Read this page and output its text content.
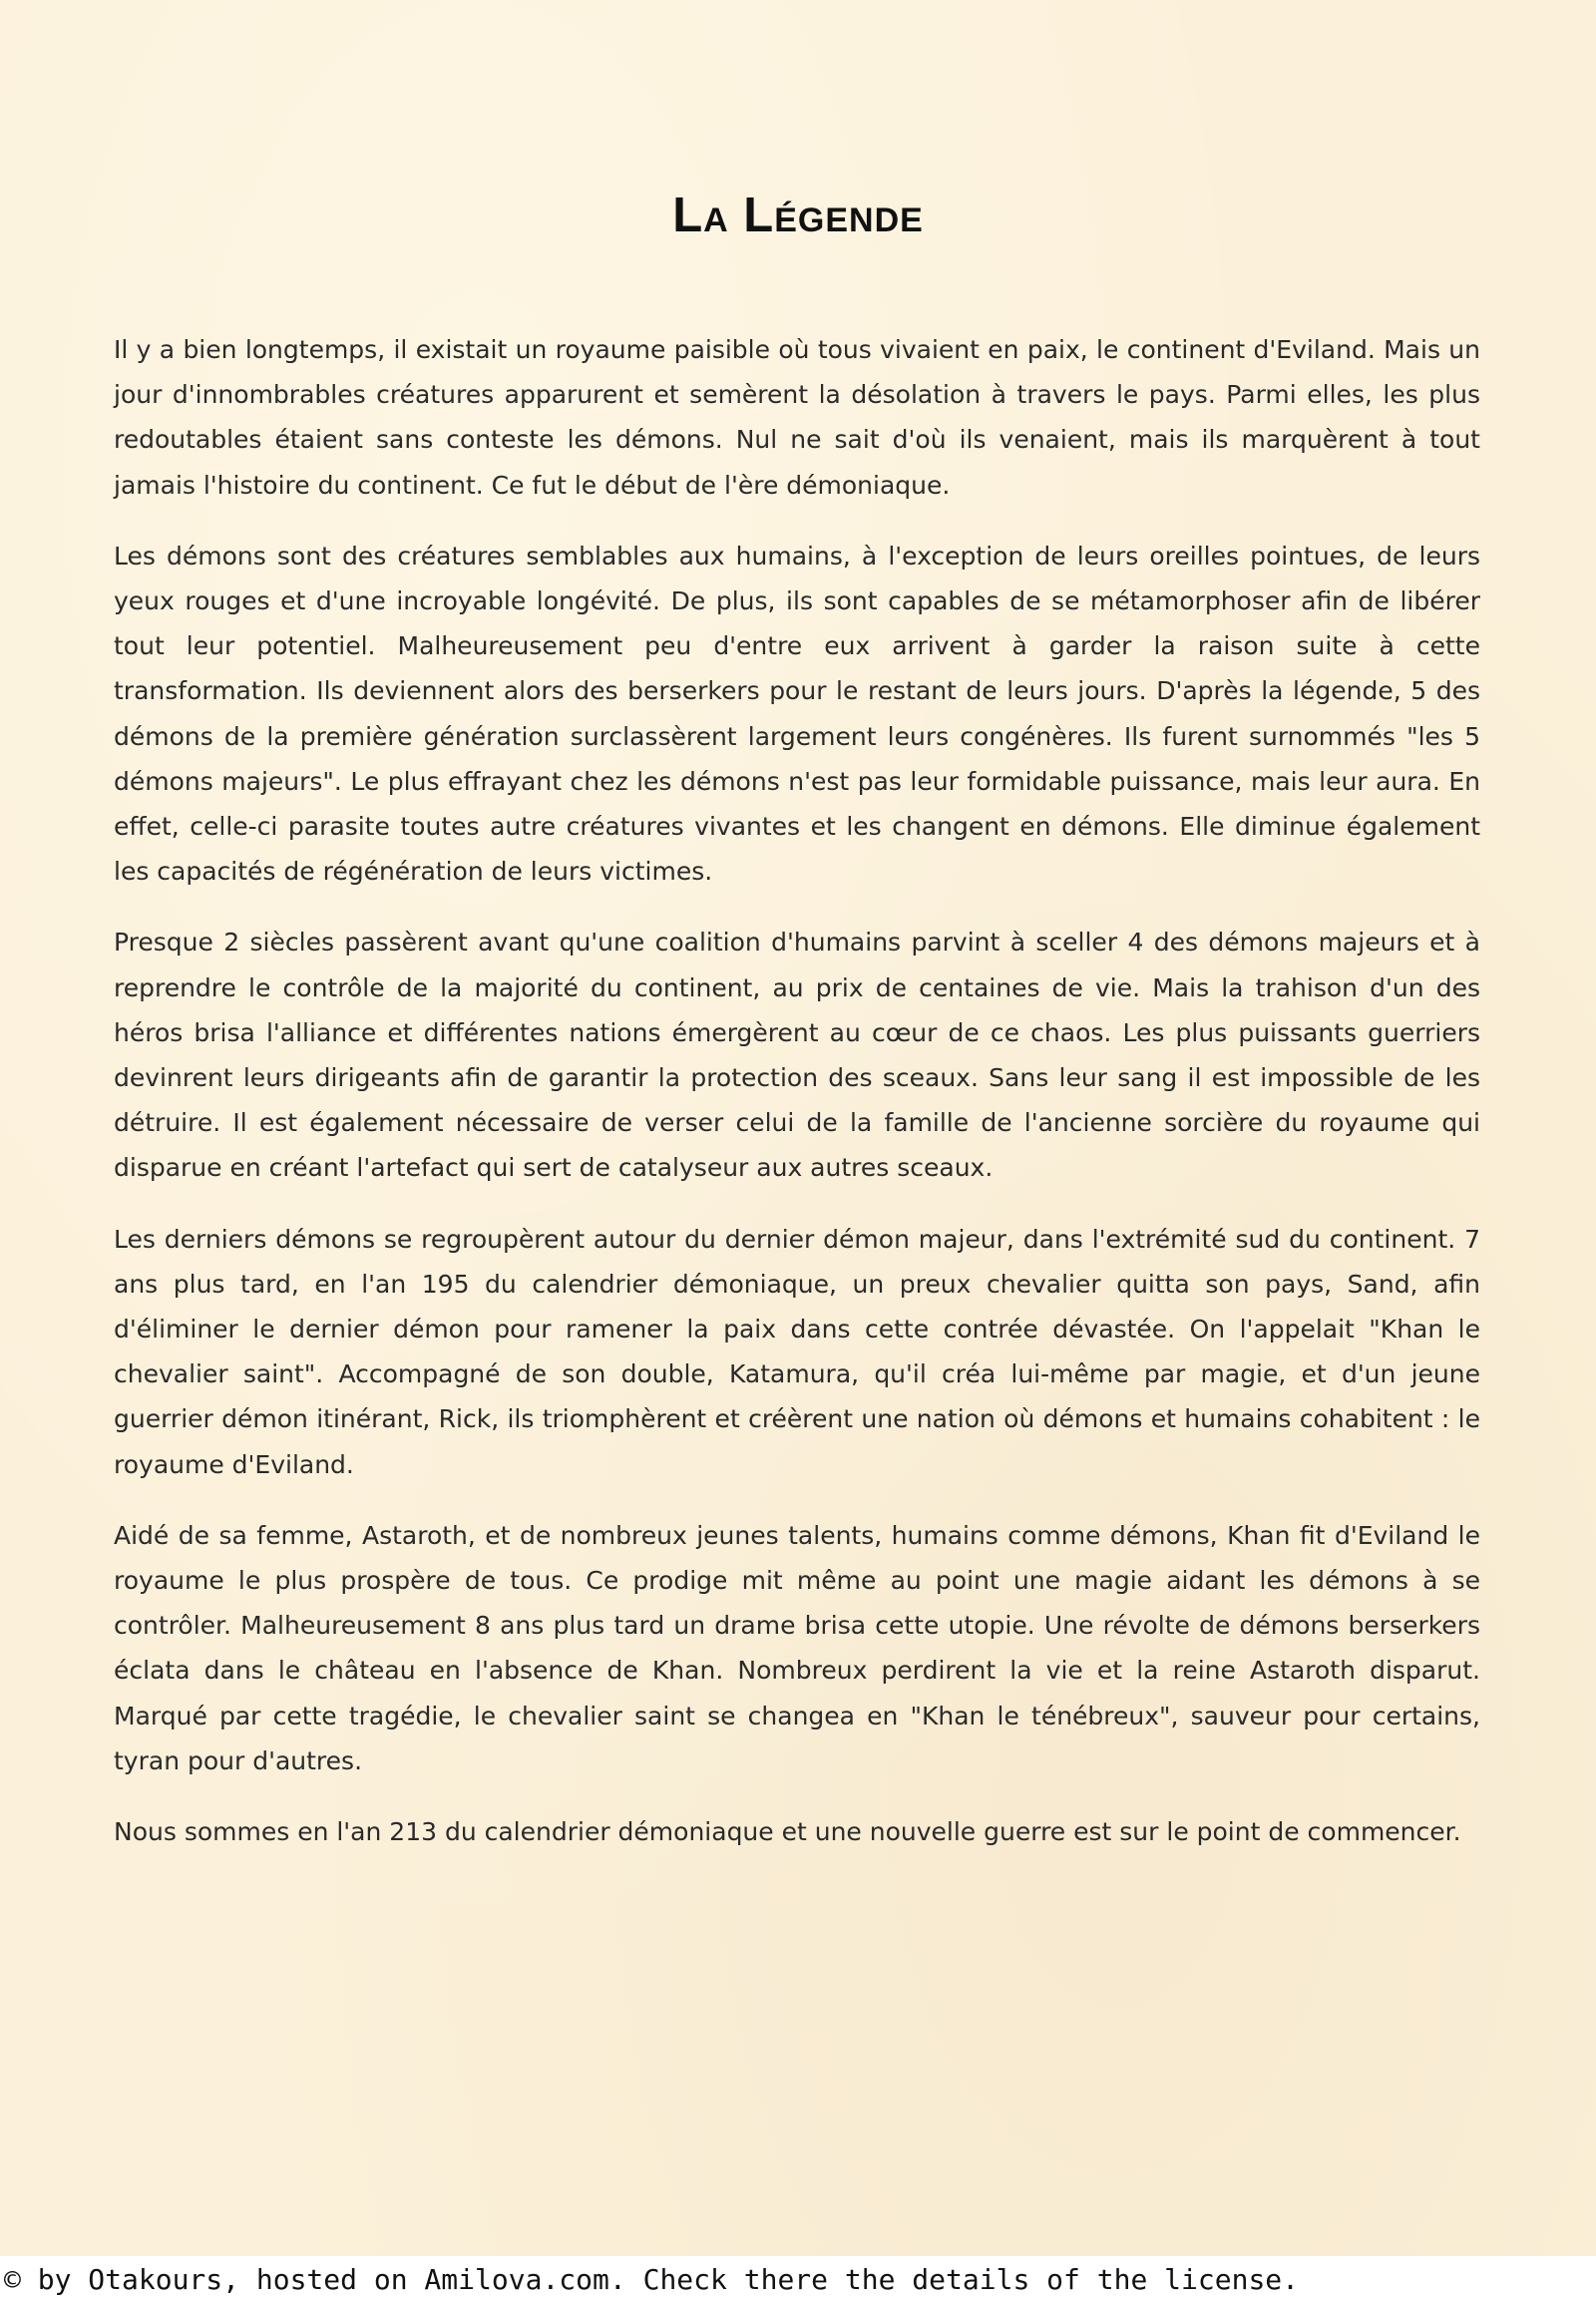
La Légende

Il y a bien longtemps, il existait un royaume paisible où tous vivaient en paix, le continent d'Eviland. Mais un jour d'innombrables créatures apparurent et semèrent la désolation à travers le pays. Parmi elles, les plus redoutables étaient sans conteste les démons. Nul ne sait d'où ils venaient, mais ils marquèrent à tout jamais l'histoire du continent. Ce fut le début de l'ère démoniaque.

Les démons sont des créatures semblables aux humains, à l'exception de leurs oreilles pointues, de leurs yeux rouges et d'une incroyable longévité. De plus, ils sont capables de se métamorphoser afin de libérer tout leur potentiel. Malheureusement peu d'entre eux arrivent à garder la raison suite à cette transformation. Ils deviennent alors des berserkers pour le restant de leurs jours. D'après la légende, 5 des démons de la première génération surclassèrent largement leurs congénères. Ils furent surnommés "les 5 démons majeurs". Le plus effrayant chez les démons n'est pas leur formidable puissance, mais leur aura. En effet, celle-ci parasite toutes autre créatures vivantes et les changent en démons. Elle diminue également les capacités de régénération de leurs victimes.

Presque 2 siècles passèrent avant qu'une coalition d'humains parvint à sceller 4 des démons majeurs et à reprendre le contrôle de la majorité du continent, au prix de centaines de vie. Mais la trahison d'un des héros brisa l'alliance et différentes nations émergèrent au cœur de ce chaos. Les plus puissants guerriers devinrent leurs dirigeants afin de garantir la protection des sceaux. Sans leur sang il est impossible de les détruire. Il est également nécessaire de verser celui de la famille de l'ancienne sorcière du royaume qui disparue en créant l'artefact qui sert de catalyseur aux autres sceaux.

Les derniers démons se regroupèrent autour du dernier démon majeur, dans l'extrémité sud du continent. 7 ans plus tard, en l'an 195 du calendrier démoniaque, un preux chevalier quitta son pays, Sand, afin d'éliminer le dernier démon pour ramener la paix dans cette contrée dévastée. On l'appelait "Khan le chevalier saint". Accompagné de son double, Katamura, qu'il créa lui-même par magie, et d'un jeune guerrier démon itinérant, Rick, ils triomphèrent et créèrent une nation où démons et humains cohabitent : le royaume d'Eviland.

Aidé de sa femme, Astaroth, et de nombreux jeunes talents, humains comme démons, Khan fit d'Eviland le royaume le plus prospère de tous. Ce prodige mit même au point une magie aidant les démons à se contrôler. Malheureusement 8 ans plus tard un drame brisa cette utopie. Une révolte de démons berserkers éclata dans le château en l'absence de Khan. Nombreux perdirent la vie et la reine Astaroth disparut. Marqué par cette tragédie, le chevalier saint se changea en "Khan le ténébreux", sauveur pour certains, tyran pour d'autres.

Nous sommes en l'an 213 du calendrier démoniaque et une nouvelle guerre est sur le point de commencer.

© by Otakours, hosted on Amilova.com. Check there the details of the license.
